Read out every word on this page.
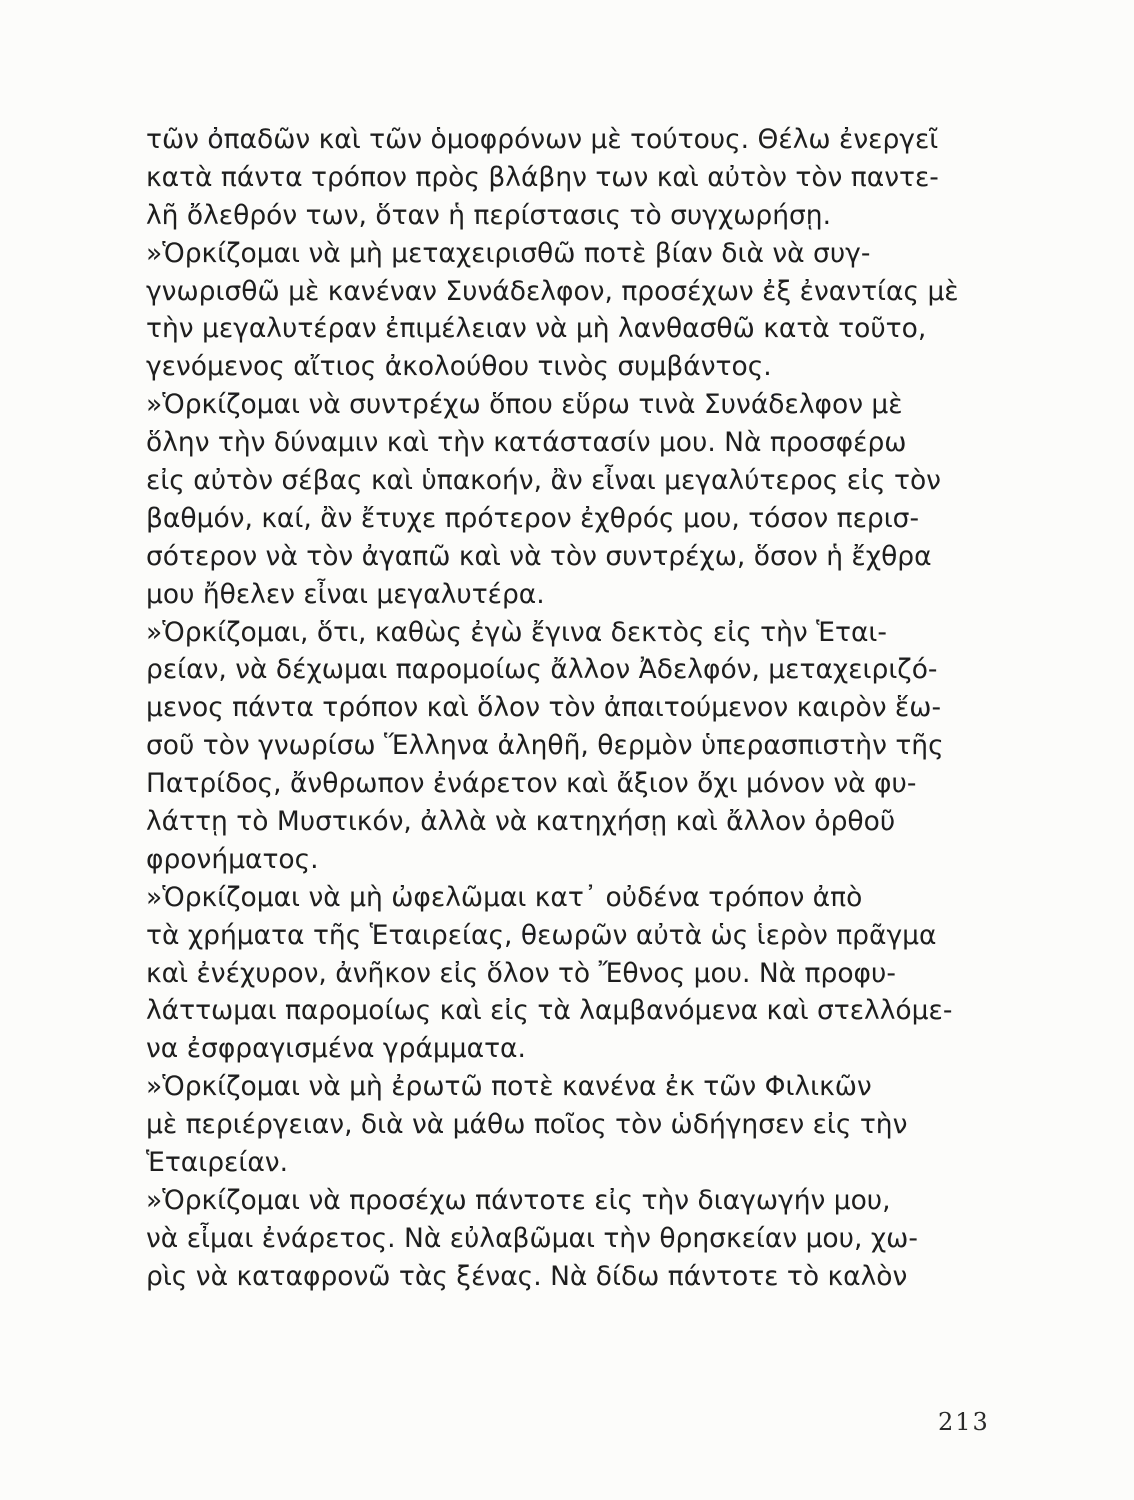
τῶν ὀπαδῶν καὶ τῶν ὁμοφρόνων μὲ τούτους. Θέλω ἐνεργεῖ
κατὰ πάντα τρόπον πρὸς βλάβην των καὶ αὐτὸν τὸν παντε-
λῆ ὄλεθρόν των, ὅταν ἡ περίστασις τὸ συγχωρήσῃ.
»Ὁρκίζομαι νὰ μὴ μεταχειρισθῶ ποτὲ βίαν διὰ νὰ συγ-
γνωρισθῶ μὲ κανέναν Συνάδελφον, προσέχων ἐξ ἐναντίας μὲ
τὴν μεγαλυτέραν ἐπιμέλειαν νὰ μὴ λανθασθῶ κατὰ τοῦτο,
γενόμενος αἴτιος ἀκολούθου τινὸς συμβάντος.
»Ὁρκίζομαι νὰ συντρέχω ὅπου εὕρω τινὰ Συνάδελφον μὲ
ὅλην τὴν δύναμιν καὶ τὴν κατάστασίν μου. Νὰ προσφέρω
εἰς αὐτὸν σέβας καὶ ὑπακοήν, ἂν εἶναι μεγαλύτερος εἰς τὸν
βαθμόν, καί, ἂν ἔτυχε πρότερον ἐχθρός μου, τόσον περισ-
σότερον νὰ τὸν ἀγαπῶ καὶ νὰ τὸν συντρέχω, ὅσον ἡ ἔχθρα
μου ἤθελεν εἶναι μεγαλυτέρα.
»Ὁρκίζομαι, ὅτι, καθὼς ἐγὼ ἔγινα δεκτὸς εἰς τὴν Ἑται-
ρείαν, νὰ δέχωμαι παρομοίως ἄλλον Ἀδελφόν, μεταχειριζό-
μενος πάντα τρόπον καὶ ὅλον τὸν ἀπαιτούμενον καιρὸν ἕω-
σοῦ τὸν γνωρίσω Ἕλληνα ἀληθῆ, θερμὸν ὑπερασπιστὴν τῆς
Πατρίδος, ἄνθρωπον ἐνάρετον καὶ ἄξιον ὄχι μόνον νὰ φυ-
λάττῃ τὸ Μυστικόν, ἀλλὰ νὰ κατηχήσῃ καὶ ἄλλον ὀρθοῦ
φρονήματος.
»Ὁρκίζομαι νὰ μὴ ὠφελῶμαι κατ᾽ οὐδένα τρόπον ἀπὸ
τὰ χρήματα τῆς Ἑταιρείας, θεωρῶν αὐτὰ ὡς ἱερὸν πρᾶγμα
καὶ ἐνέχυρον, ἀνῆκον εἰς ὅλον τὸ Ἔθνος μου. Νὰ προφυ-
λάττωμαι παρομοίως καὶ εἰς τὰ λαμβανόμενα καὶ στελλόμε-
να ἐσφραγισμένα γράμματα.
»Ὁρκίζομαι νὰ μὴ ἐρωτῶ ποτὲ κανένα ἐκ τῶν Φιλικῶν
μὲ περιέργειαν, διὰ νὰ μάθω ποῖος τὸν ὡδήγησεν εἰς τὴν
Ἑταιρείαν.
»Ὁρκίζομαι νὰ προσέχω πάντοτε εἰς τὴν διαγωγήν μου,
νὰ εἶμαι ἐνάρετος. Νὰ εὐλαβῶμαι τὴν θρησκείαν μου, χω-
ρὶς νὰ καταφρονῶ τὰς ξένας. Νὰ δίδω πάντοτε τὸ καλὸν
213
